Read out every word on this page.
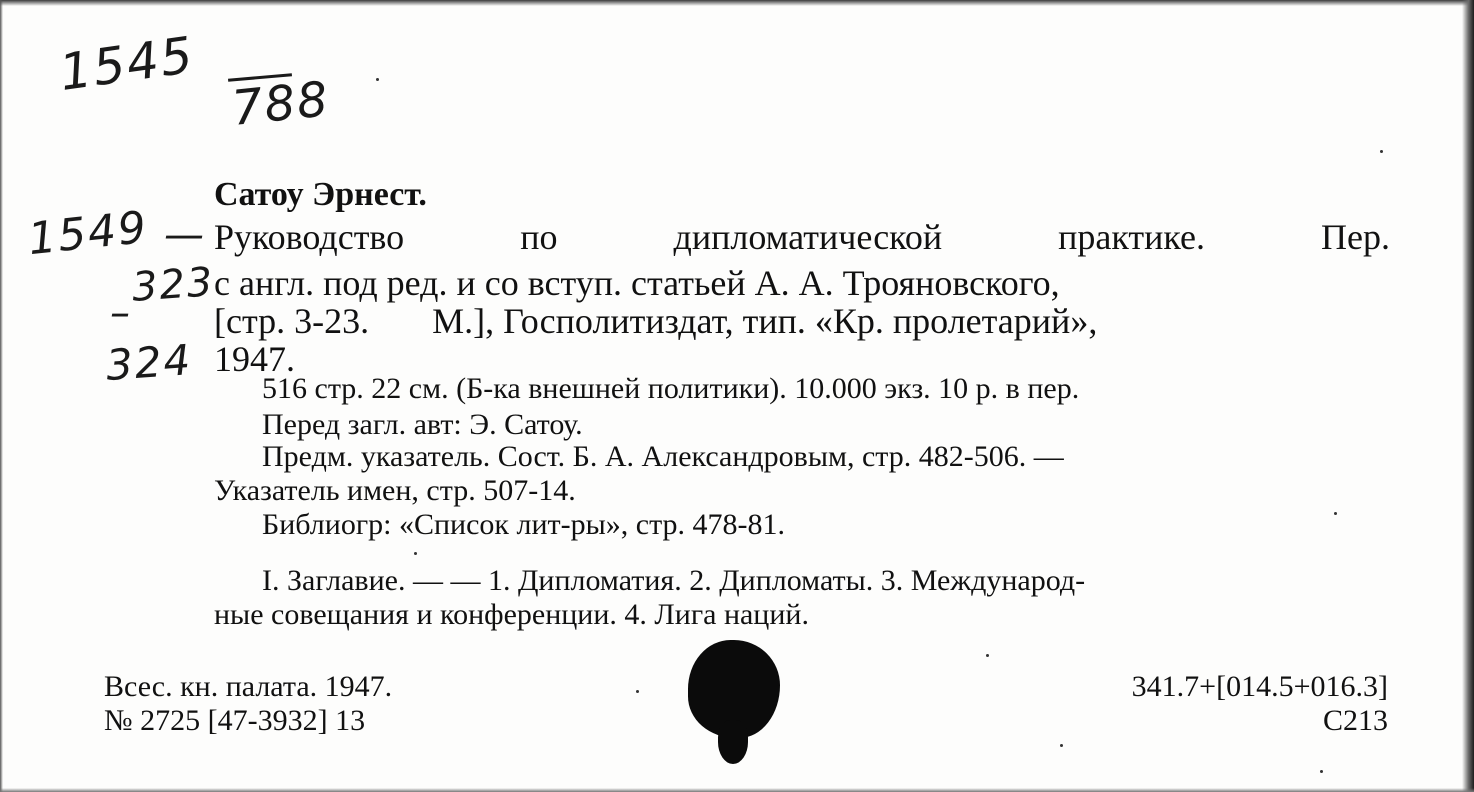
1545
788
1549 —
323
–
324
Сатоу Эрнест.
Руководство	по	дипломатической	практике.	Пер.
с англ. под ред. и со вступ. статьей А. А. Трояновского,
[стр. 3-23.       М.], Госполитиздат, тип. «Кр. пролетарий»,
1947.
516 стр. 22 см. (Б-ка внешней политики). 10.000 экз. 10 р. в пер.
Перед загл. авт: Э. Сатоу.
Предм. указатель. Сост. Б. А. Александровым, стр. 482-506. —
Указатель имен, стр. 507-14.
Библиогр: «Список лит-ры», стр. 478-81.
I. Заглавие. — — 1. Дипломатия. 2. Дипломаты. 3. Международ-
ные совещания и конференции. 4. Лига наций.
Всес. кн. палата. 1947.
№ 2725 [47-3932] 13
341.7+[014.5+016.3]
С213
